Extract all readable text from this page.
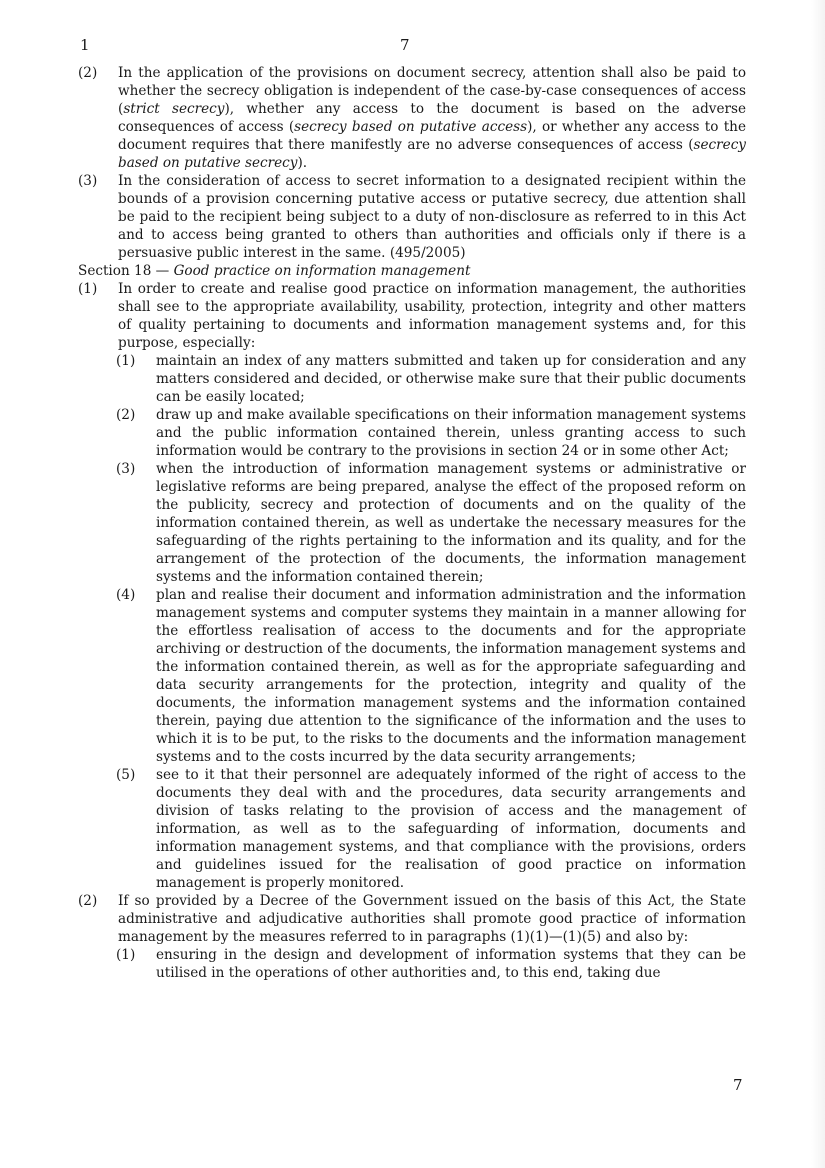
1	7
(2) In the application of the provisions on document secrecy, attention shall also be paid to whether the secrecy obligation is independent of the case-by-case consequences of access (strict secrecy), whether any access to the document is based on the adverse consequences of access (secrecy based on putative access), or whether any access to the document requires that there manifestly are no adverse consequences of access (secrecy based on putative secrecy).
(3) In the consideration of access to secret information to a designated recipient within the bounds of a provision concerning putative access or putative secrecy, due attention shall be paid to the recipient being subject to a duty of non-disclosure as referred to in this Act and to access being granted to others than authorities and officials only if there is a persuasive public interest in the same. (495/2005)
Section 18 — Good practice on information management
(1) In order to create and realise good practice on information management, the authorities shall see to the appropriate availability, usability, protection, integrity and other matters of quality pertaining to documents and information management systems and, for this purpose, especially:
(1) maintain an index of any matters submitted and taken up for consideration and any matters considered and decided, or otherwise make sure that their public documents can be easily located;
(2) draw up and make available specifications on their information management systems and the public information contained therein, unless granting access to such information would be contrary to the provisions in section 24 or in some other Act;
(3) when the introduction of information management systems or administrative or legislative reforms are being prepared, analyse the effect of the proposed reform on the publicity, secrecy and protection of documents and on the quality of the information contained therein, as well as undertake the necessary measures for the safeguarding of the rights pertaining to the information and its quality, and for the arrangement of the protection of the documents, the information management systems and the information contained therein;
(4) plan and realise their document and information administration and the information management systems and computer systems they maintain in a manner allowing for the effortless realisation of access to the documents and for the appropriate archiving or destruction of the documents, the information management systems and the information contained therein, as well as for the appropriate safeguarding and data security arrangements for the protection, integrity and quality of the documents, the information management systems and the information contained therein, paying due attention to the significance of the information and the uses to which it is to be put, to the risks to the documents and the information management systems and to the costs incurred by the data security arrangements;
(5) see to it that their personnel are adequately informed of the right of access to the documents they deal with and the procedures, data security arrangements and division of tasks relating to the provision of access and the management of information, as well as to the safeguarding of information, documents and information management systems, and that compliance with the provisions, orders and guidelines issued for the realisation of good practice on information management is properly monitored.
(2) If so provided by a Decree of the Government issued on the basis of this Act, the State administrative and adjudicative authorities shall promote good practice of information management by the measures referred to in paragraphs (1)(1)—(1)(5) and also by:
(1) ensuring in the design and development of information systems that they can be utilised in the operations of other authorities and, to this end, taking due
7
